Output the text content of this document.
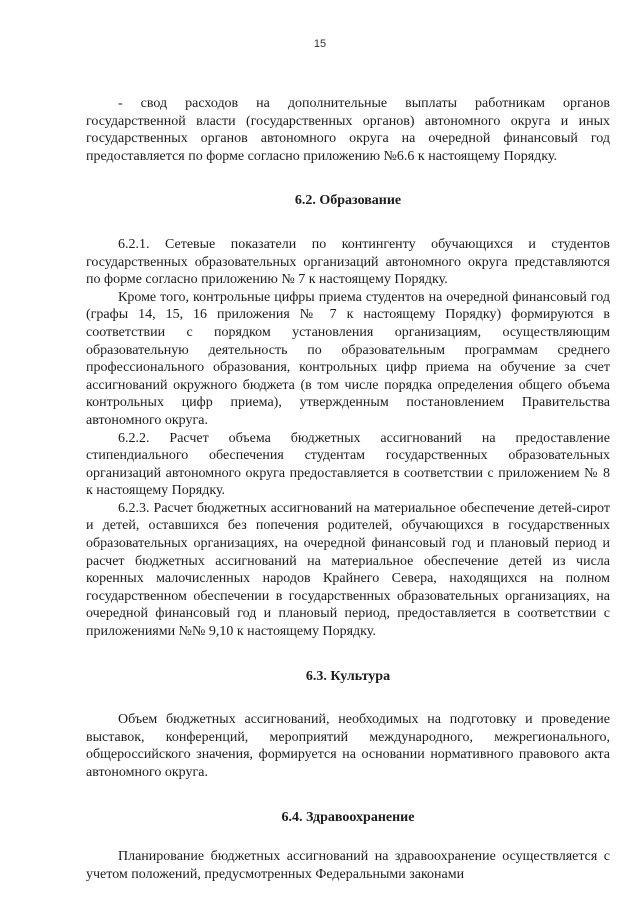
15

- свод расходов на дополнительные выплаты работникам органов государственной власти (государственных органов) автономного округа и иных государственных органов автономного округа на очередной финансовый год предоставляется по форме согласно приложению №6.6 к настоящему Порядку.

6.2. Образование

6.2.1. Сетевые показатели по контингенту обучающихся и студентов государственных образовательных организаций автономного округа представляются по форме согласно приложению № 7 к настоящему Порядку.

Кроме того, контрольные цифры приема студентов на очередной финансовый год (графы 14, 15, 16 приложения № 7 к настоящему Порядку) формируются в соответствии с порядком установления организациям, осуществляющим образовательную деятельность по образовательным программам среднего профессионального образования, контрольных цифр приема на обучение за счет ассигнований окружного бюджета (в том числе порядка определения общего объема контрольных цифр приема), утвержденным постановлением Правительства автономного округа.

6.2.2. Расчет объема бюджетных ассигнований на предоставление стипендиального обеспечения студентам государственных образовательных организаций автономного округа предоставляется в соответствии с приложением № 8 к настоящему Порядку.

6.2.3. Расчет бюджетных ассигнований на материальное обеспечение детей-сирот и детей, оставшихся без попечения родителей, обучающихся в государственных образовательных организациях, на очередной финансовый год и плановый период и расчет бюджетных ассигнований на материальное обеспечение детей из числа коренных малочисленных народов Крайнего Севера, находящихся на полном государственном обеспечении в государственных образовательных организациях, на очередной финансовый год и плановый период, предоставляется в соответствии с приложениями №№ 9,10 к настоящему Порядку.

6.3. Культура

Объем бюджетных ассигнований, необходимых на подготовку и проведение выставок, конференций, мероприятий международного, межрегионального, общероссийского значения, формируется на основании нормативного правового акта автономного округа.

6.4. Здравоохранение

Планирование бюджетных ассигнований на здравоохранение осуществляется с учетом положений, предусмотренных Федеральными законами
